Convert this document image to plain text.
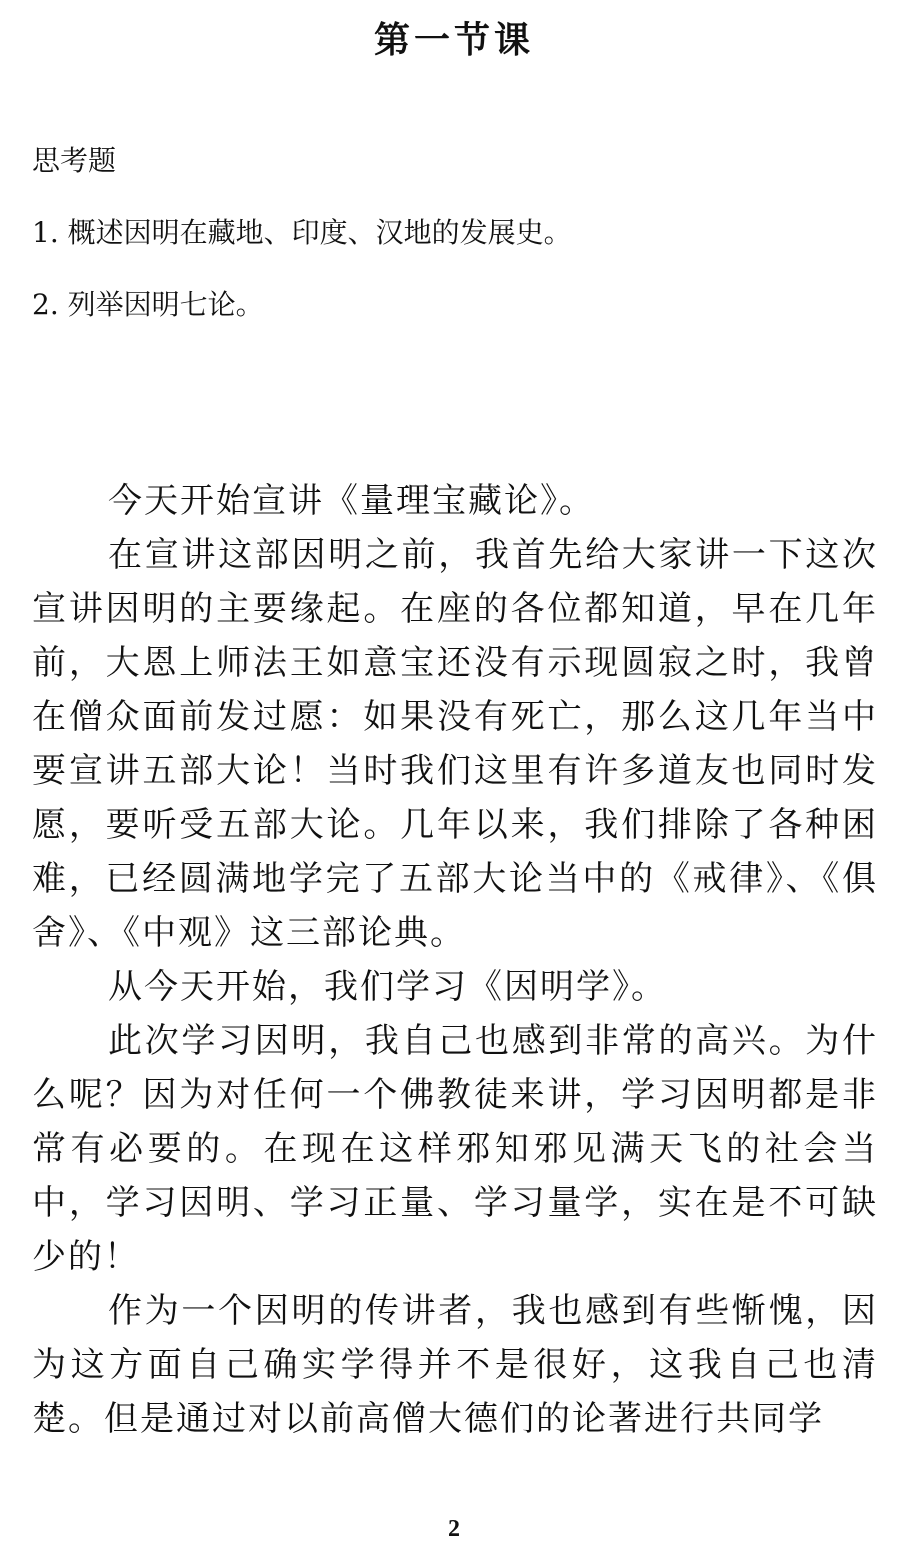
第一节课
思考题
1. 概述因明在藏地、印度、汉地的发展史。
2. 列举因明七论。

今天开始宣讲《量理宝藏论》。

在宣讲这部因明之前，我首先给大家讲一下这次宣讲因明的主要缘起。在座的各位都知道，早在几年前，大恩上师法王如意宝还没有示现圆寂之时，我曾在僧众面前发过愿：如果没有死亡，那么这几年当中要宣讲五部大论！当时我们这里有许多道友也同时发愿，要听受五部大论。几年以来，我们排除了各种困难，已经圆满地学完了五部大论当中的《戒律》、《俱舍》、《中观》这三部论典。

从今天开始，我们学习《因明学》。

此次学习因明，我自己也感到非常的高兴。为什么呢？因为对任何一个佛教徒来讲，学习因明都是非常有必要的。在现在这样邪知邪见满天飞的社会当中，学习因明、学习正量、学习量学，实在是不可缺少的！

作为一个因明的传讲者，我也感到有些惭愧，因为这方面自己确实学得并不是很好，这我自己也清楚。但是通过对以前高僧大德们的论著进行共同学

2
